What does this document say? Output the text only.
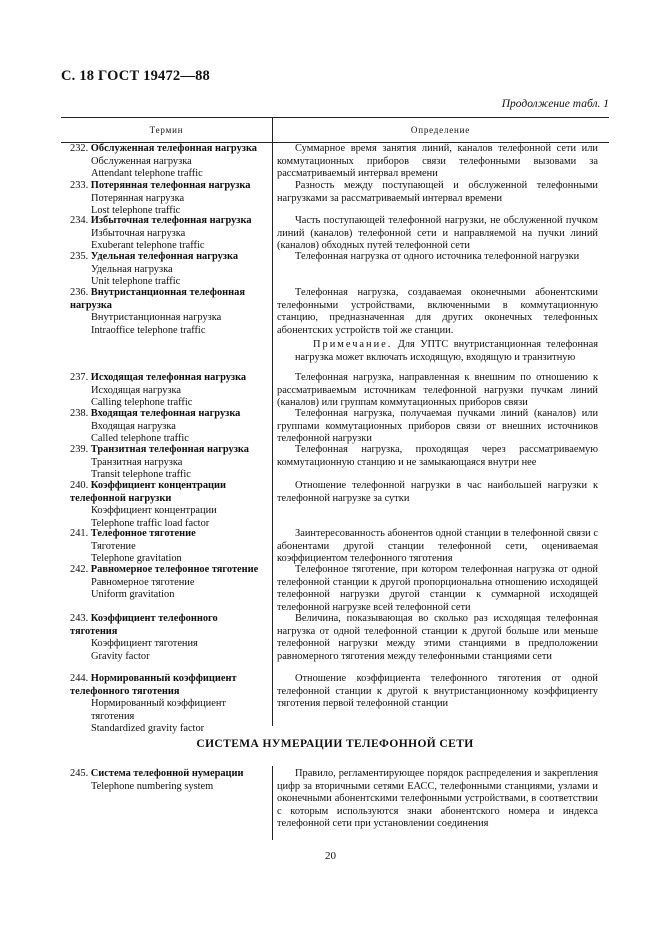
С. 18 ГОСТ 19472—88
Продолжение табл. 1
Термин	Определение
232. Обслуженная телефонная нагрузка
Обслуженная нагрузка
Attendant telephone traffic

Суммарное время занятия линий, каналов телефонной сети или коммутационных приборов связи телефонными вызовами за рассматриваемый интервал времени

233. Потерянная телефонная нагрузка
Потерянная нагрузка
Lost telephone traffic

Разность между поступающей и обслуженной телефонными нагрузками за рассматриваемый интервал времени

234. Избыточная телефонная нагрузка
Избыточная нагрузка
Exuberant telephone traffic

Часть поступающей телефонной нагрузки, не обслуженной пучком линий (каналов) телефонной сети и направляемой на пучки линий (каналов) обходных путей телефонной сети

235. Удельная телефонная нагрузка
Удельная нагрузка
Unit telephone traffic

Телефонная нагрузка от одного источника телефонной нагрузки

236. Внутристанционная телефонная нагрузка
Внутристанционная нагрузка
Intraoffice telephone traffic

Телефонная нагрузка, создаваемая оконечными абонентскими телефонными устройствами, включенными в коммутационную станцию, предназначенная для других оконечных телефонных абонентских устройств той же станции.

Примечание. Для УПТС внутристанционная телефонная нагрузка может включать исходящую, входящую и транзитную

237. Исходящая телефонная нагрузка
Исходящая нагрузка
Calling telephone traffic

Телефонная нагрузка, направленная к внешним по отношению к рассматриваемым источникам телефонной нагрузки пучкам линий (каналов) или группам коммутационных приборов связи

238. Входящая телефонная нагрузка
Входящая нагрузка
Called telephone traffic

Телефонная нагрузка, получаемая пучками линий (каналов) или группами коммутационных приборов связи от внешних источников телефонной нагрузки

239. Транзитная телефонная нагрузка
Транзитная нагрузка
Transit telephone traffic

Телефонная нагрузка, проходящая через рассматриваемую коммутационную станцию и не замыкающаяся внутри нее

240. Коэффициент концентрации телефонной нагрузки
Коэффициент концентрации
Telephone traffic load factor

Отношение телефонной нагрузки в час наибольшей нагрузки к телефонной нагрузке за сутки

241. Телефонное тяготение
Тяготение
Telephone gravitation

Заинтересованность абонентов одной станции в телефонной связи с абонентами другой станции телефонной сети, оцениваемая коэффициентом телефонного тяготения

242. Равномерное телефонное тяготение
Равномерное тяготение
Uniform gravitation

Телефонное тяготение, при котором телефонная нагрузка от одной телефонной станции к другой пропорциональна отношению исходящей телефонной нагрузки другой станции к суммарной исходящей телефонной нагрузке всей телефонной сети

243. Коэффициент телефонного тяготения
Коэффициент тяготения
Gravity factor

Величина, показывающая во сколько раз исходящая телефонная нагрузка от одной телефонной станции к другой больше или меньше телефонной нагрузки между этими станциями в предположении равномерного тяготения между телефонными станциями сети

244. Нормированный коэффициент телефонного тяготения
Нормированный коэффициент тяготения
Standardized gravity factor

Отношение коэффициента телефонного тяготения от одной телефонной станции к другой к внутристанционному коэффициенту тяготения первой телефонной станции

СИСТЕМА НУМЕРАЦИИ ТЕЛЕФОННОЙ СЕТИ
245. Система телефонной нумерации
Telephone numbering system

Правило, регламентирующее порядок распределения и закрепления цифр за вторичными сетями ЕАСС, телефонными станциями, узлами и оконечными абонентскими телефонными устройствами, в соответствии с которым используются знаки абонентского номера и индекса телефонной сети при установлении соединения

20
